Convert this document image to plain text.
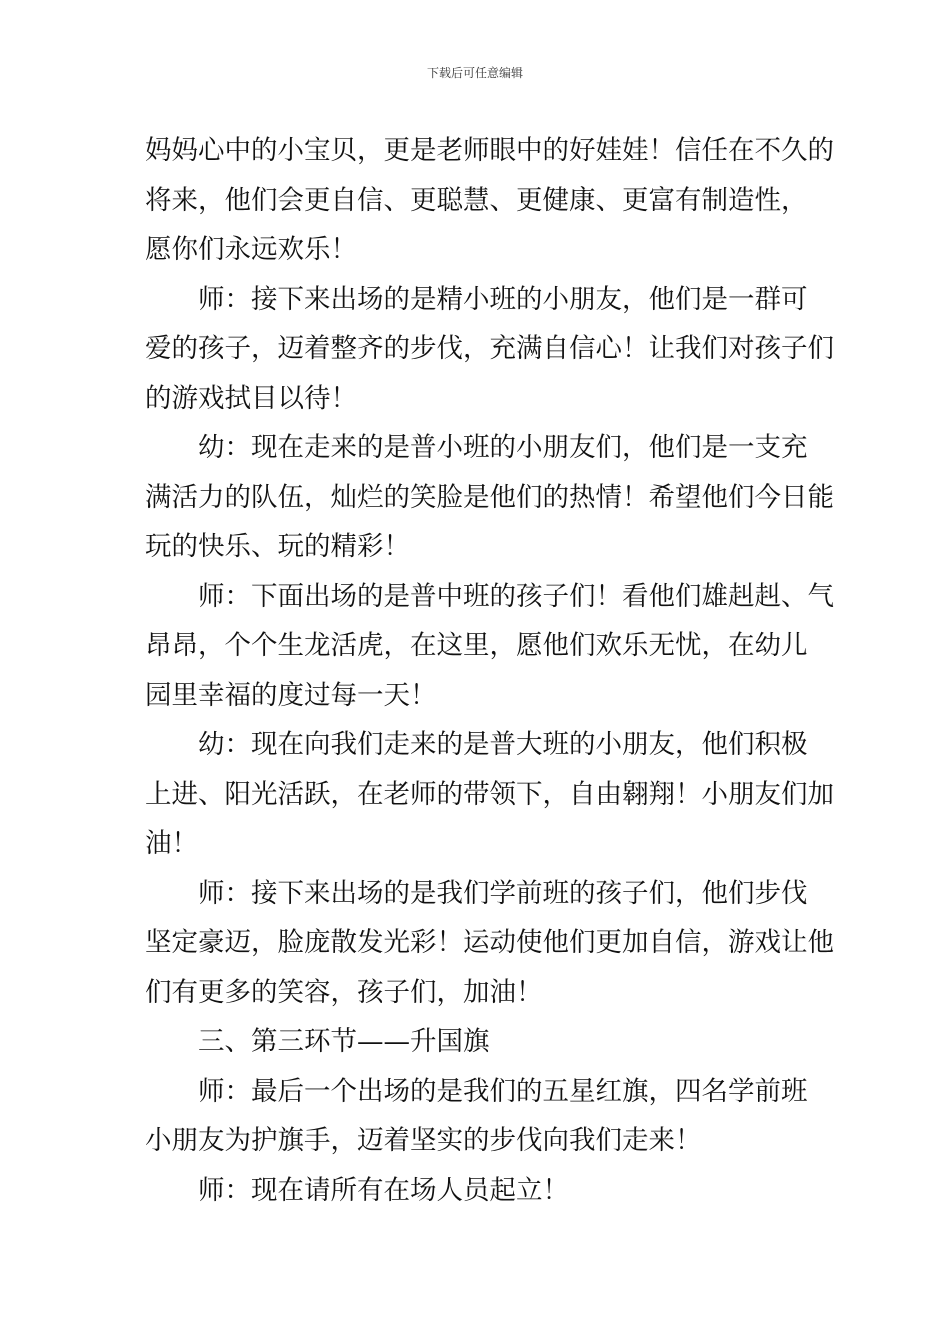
下载后可任意编辑
妈妈心中的小宝贝，更是老师眼中的好娃娃！信任在不久的
将来，他们会更自信、更聪慧、更健康、更富有制造性，
愿你们永远欢乐！
师：接下来出场的是精小班的小朋友，他们是一群可
爱的孩子，迈着整齐的步伐，充满自信心！让我们对孩子们
的游戏拭目以待！
幼：现在走来的是普小班的小朋友们，他们是一支充
满活力的队伍，灿烂的笑脸是他们的热情！希望他们今日能
玩的快乐、玩的精彩！
师：下面出场的是普中班的孩子们！看他们雄赳赳、气
昂昂，个个生龙活虎，在这里，愿他们欢乐无忧，在幼儿
园里幸福的度过每一天！
幼：现在向我们走来的是普大班的小朋友，他们积极
上进、阳光活跃，在老师的带领下，自由翱翔！小朋友们加
油！
师：接下来出场的是我们学前班的孩子们，他们步伐
坚定豪迈，脸庞散发光彩！运动使他们更加自信，游戏让他
们有更多的笑容，孩子们，加油！
三、第三环节——升国旗
师：最后一个出场的是我们的五星红旗，四名学前班
小朋友为护旗手，迈着坚实的步伐向我们走来！
师：现在请所有在场人员起立！
